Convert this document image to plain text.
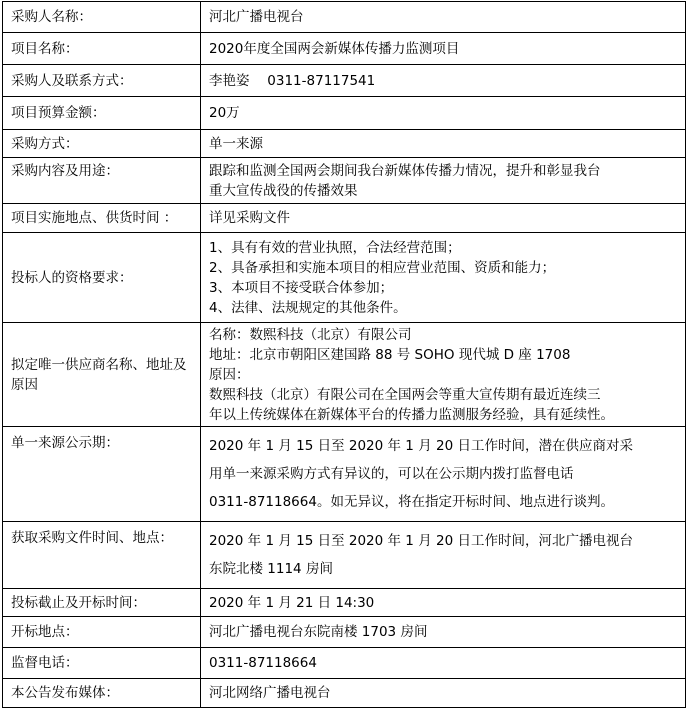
采购人名称：	河北广播电视台

项目名称：	2020年度全国两会新媒体传播力监测项目

采购人及联系方式：	李艳姿　 0311-87117541

项目预算金额：	20万

采购方式：	单一来源

采购内容及用途：	跟踪和监测全国两会期间我台新媒体传播力情况，提升和彰显我台
重大宣传战役的传播效果

项目实施地点、供货时间 ：	详见采购文件

投标人的资格要求：	1、具有有效的营业执照，合法经营范围；
2、具备承担和实施本项目的相应营业范围、资质和能力；
3、本项目不接受联合体参加；
4、法律、法规规定的其他条件。

拟定唯一供应商名称、地址及原因	名称：数熙科技（北京）有限公司
地址：北京市朝阳区建国路 88 号 SOHO 现代城 D 座 1708
原因：
数熙科技（北京）有限公司在全国两会等重大宣传期有最近连续三
年以上传统媒体在新媒体平台的传播力监测服务经验，具有延续性。

单一来源公示期：	2020 年 1 月 15 日至 2020 年 1 月 20 日工作时间，潜在供应商对采
用单一来源采购方式有异议的，可以在公示期内拨打监督电话
0311-87118664。如无异议，将在指定开标时间、地点进行谈判。

获取采购文件时间、地点：	2020 年 1 月 15 日至 2020 年 1 月 20 日工作时间，河北广播电视台
东院北楼 1114 房间

投标截止及开标时间：	2020 年 1 月 21 日 14:30

开标地点：	河北广播电视台东院南楼 1703 房间

监督电话：	0311-87118664

本公告发布媒体：	河北网络广播电视台
